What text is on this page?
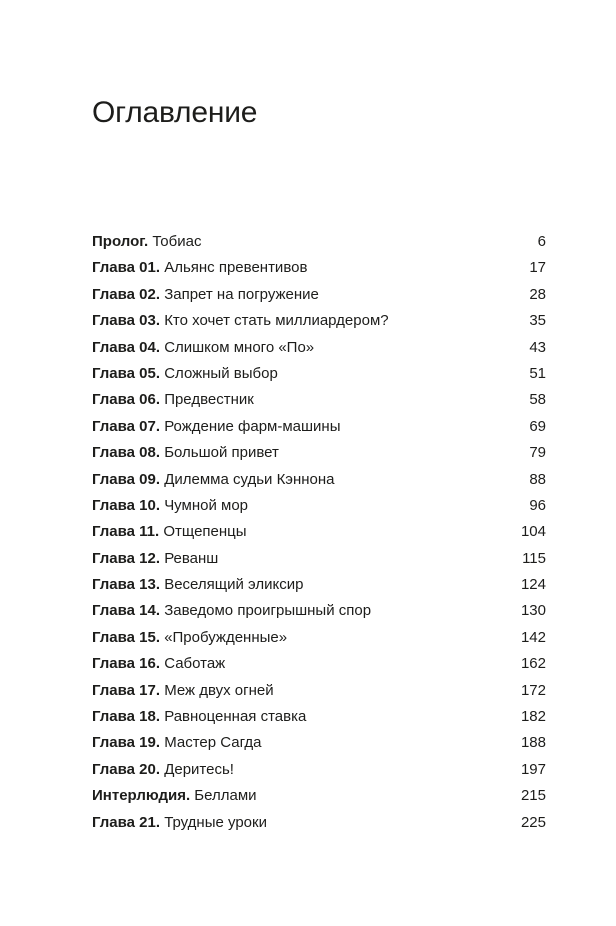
Оглавление
Пролог. Тобиас	6
Глава 01. Альянс превентивов	17
Глава 02. Запрет на погружение	28
Глава 03. Кто хочет стать миллиардером?	35
Глава 04. Слишком много «По»	43
Глава 05. Сложный выбор	51
Глава 06. Предвестник	58
Глава 07. Рождение фарм-машины	69
Глава 08. Большой привет	79
Глава 09. Дилемма судьи Кэннона	88
Глава 10. Чумной мор	96
Глава 11. Отщепенцы	104
Глава 12. Реванш	115
Глава 13. Веселящий эликсир	124
Глава 14. Заведомо проигрышный спор	130
Глава 15. «Пробужденные»	142
Глава 16. Саботаж	162
Глава 17. Меж двух огней	172
Глава 18. Равноценная ставка	182
Глава 19. Мастер Сагда	188
Глава 20. Деритесь!	197
Интерлюдия. Беллами	215
Глава 21. Трудные уроки	225
